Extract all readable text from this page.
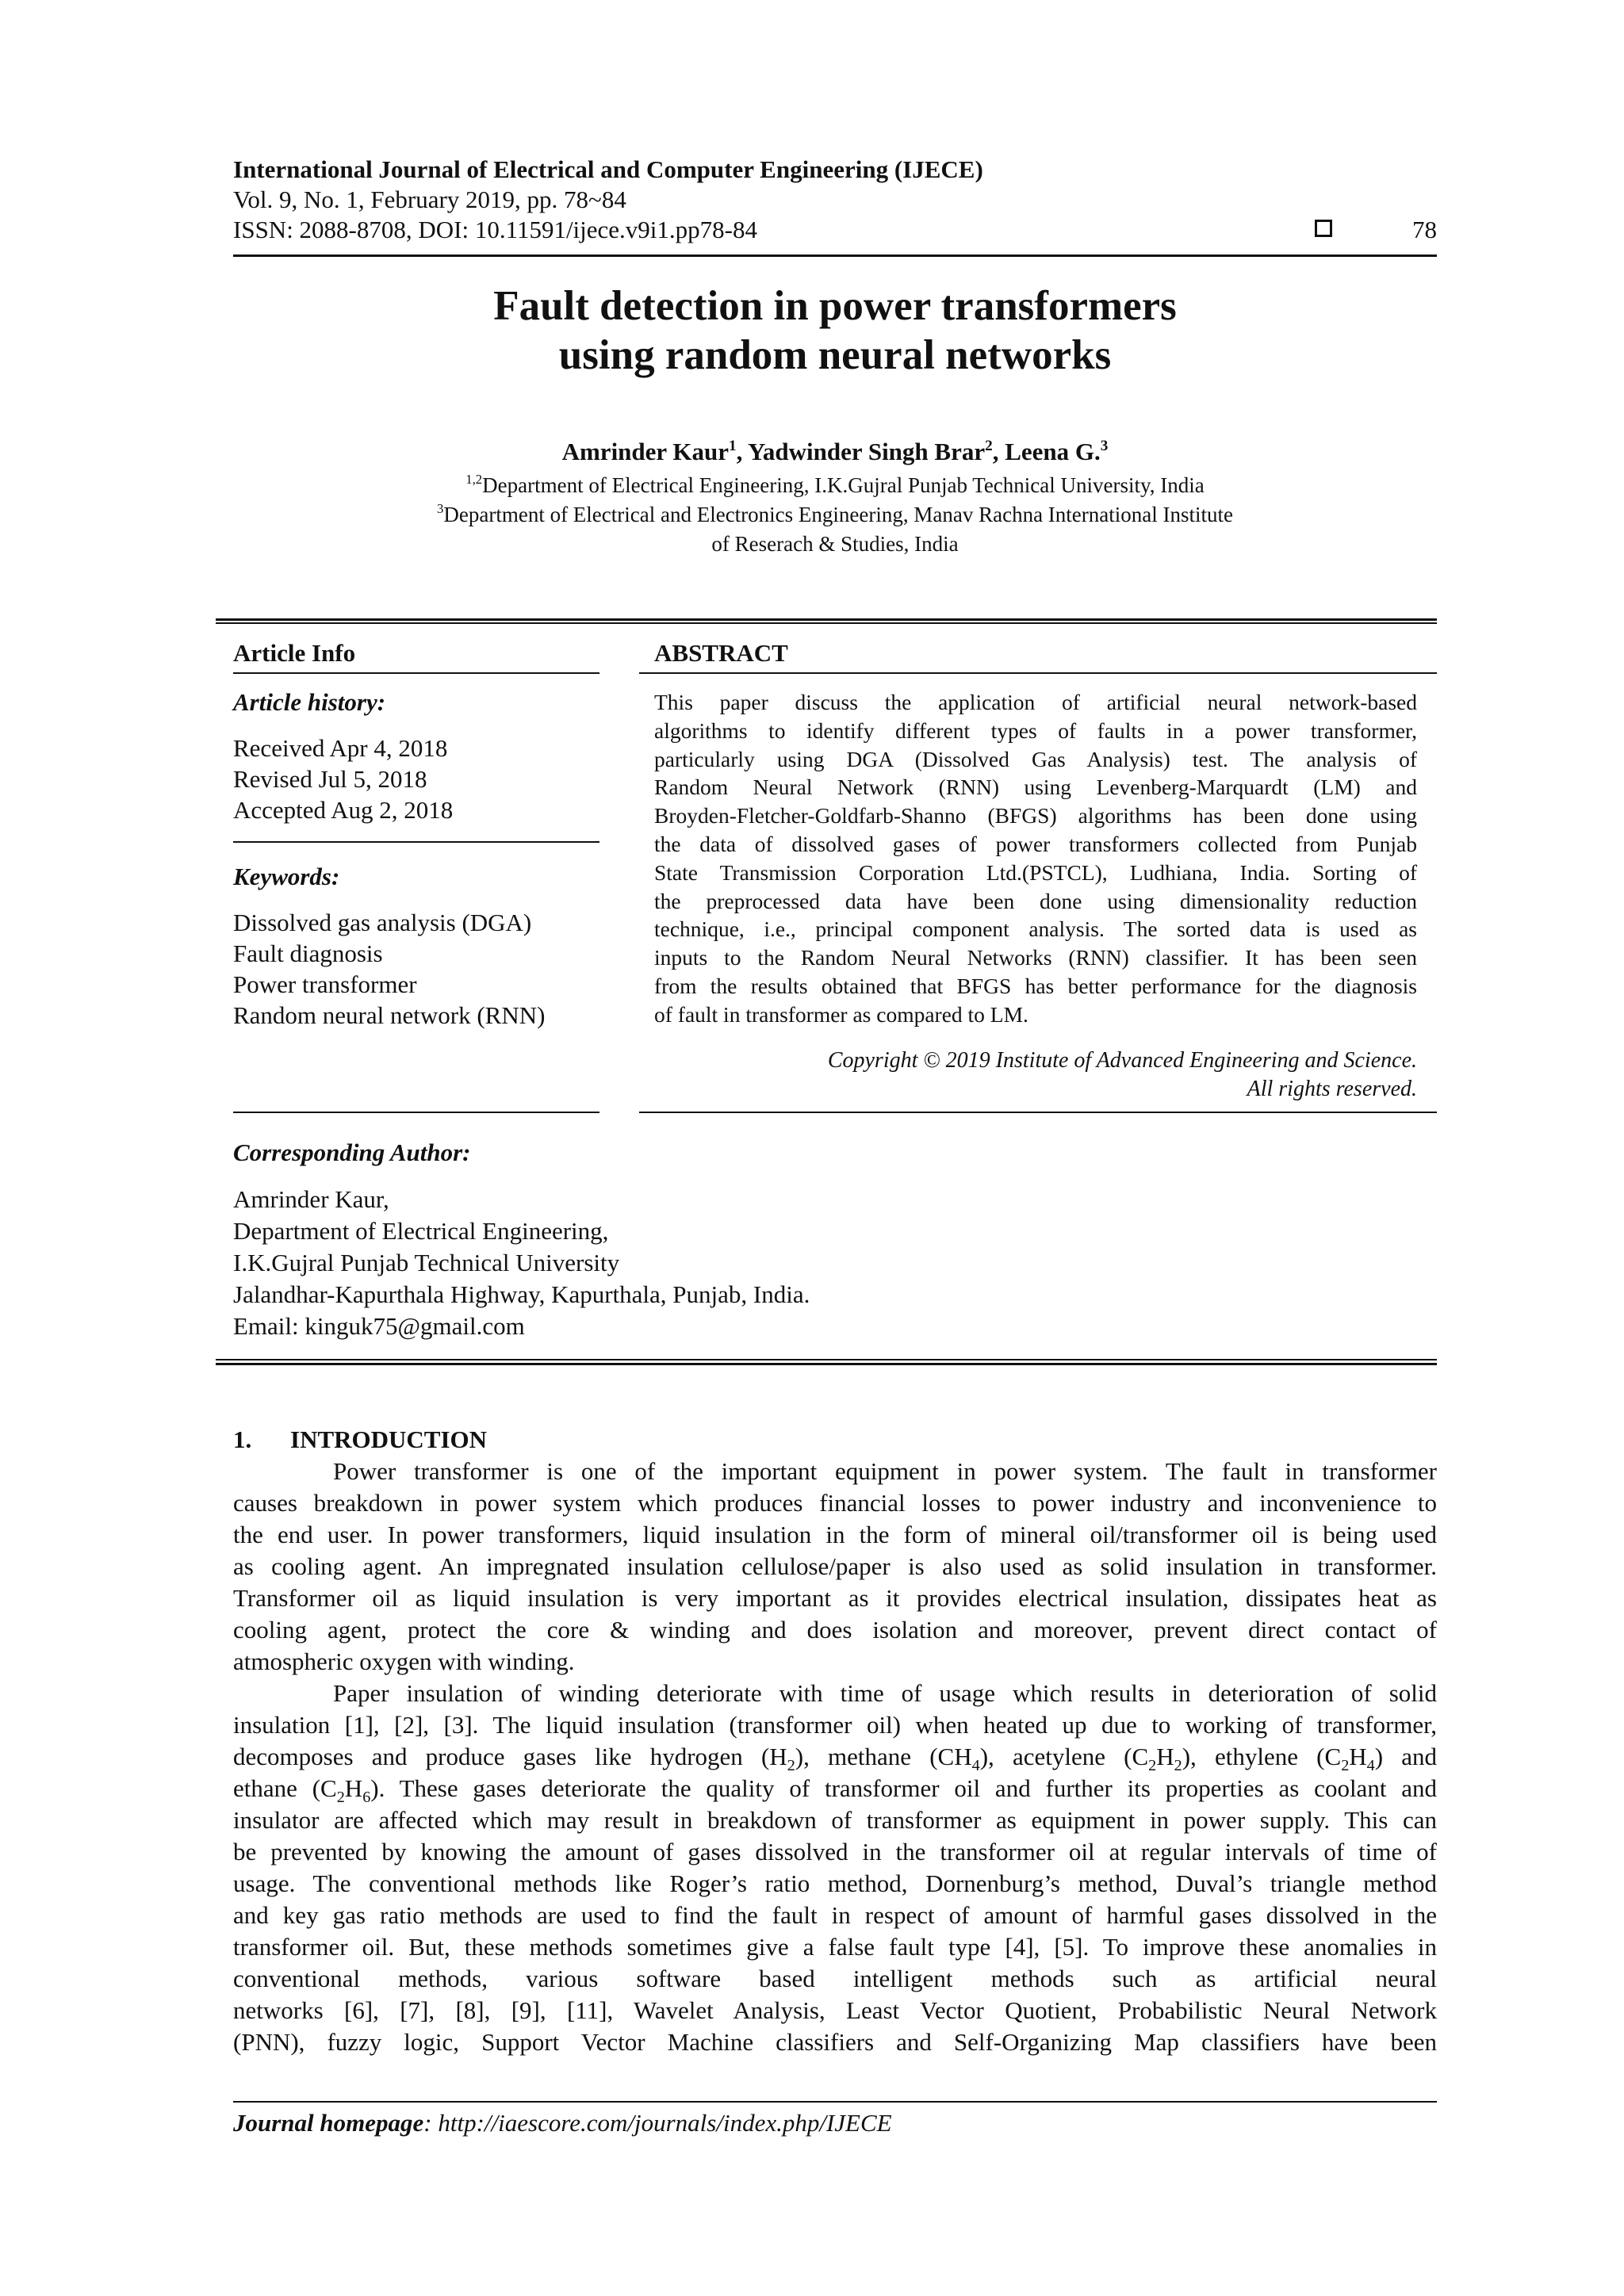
International Journal of Electrical and Computer Engineering (IJECE)
Vol. 9, No. 1, February 2019, pp. 78~84
ISSN: 2088-8708, DOI: 10.11591/ijece.v9i1.pp78-84	78
Fault detection in power transformers
using random neural networks
Amrinder Kaur$^1$, Yadwinder Singh Brar$^2$, Leena G.$^3$
$^{1,2}$Department of Electrical Engineering, I.K.Gujral Punjab Technical University, India
$^3$Department of Electrical and Electronics Engineering, Manav Rachna International Institute
of Reserach & Studies, India
Article Info
Article history:
Received Apr 4, 2018
Revised Jul 5, 2018
Accepted Aug 2, 2018
Keywords:
Dissolved gas analysis (DGA)
Fault diagnosis
Power transformer
Random neural network (RNN)
ABSTRACT
This paper discuss the application of artificial neural network-based
algorithms to identify different types of faults in a power transformer,
particularly using DGA (Dissolved Gas Analysis) test. The analysis of
Random Neural Network (RNN) using Levenberg-Marquardt (LM) and
Broyden-Fletcher-Goldfarb-Shanno (BFGS) algorithms has been done using
the data of dissolved gases of power transformers collected from Punjab
State Transmission Corporation Ltd.(PSTCL), Ludhiana, India. Sorting of
the preprocessed data have been done using dimensionality reduction
technique, i.e., principal component analysis. The sorted data is used as
inputs to the Random Neural Networks (RNN) classifier. It has been seen
from the results obtained that BFGS has better performance for the diagnosis
of fault in transformer as compared to LM.
Copyright © 2019 Institute of Advanced Engineering and Science.
All rights reserved.
Corresponding Author:
Amrinder Kaur,
Department of Electrical Engineering,
I.K.Gujral Punjab Technical University
Jalandhar-Kapurthala Highway, Kapurthala, Punjab, India.
Email: kinguk75@gmail.com
1. INTRODUCTION
Power transformer is one of the important equipment in power system. The fault in transformer
causes breakdown in power system which produces financial losses to power industry and inconvenience to
the end user. In power transformers, liquid insulation in the form of mineral oil/transformer oil is being used
as cooling agent. An impregnated insulation cellulose/paper is also used as solid insulation in transformer.
Transformer oil as liquid insulation is very important as it provides electrical insulation, dissipates heat as
cooling agent, protect the core & winding and does isolation and moreover, prevent direct contact of
atmospheric oxygen with winding.
Paper insulation of winding deteriorate with time of usage which results in deterioration of solid
insulation [1], [2], [3]. The liquid insulation (transformer oil) when heated up due to working of transformer,
decomposes and produce gases like hydrogen $(H_2)$, methane $(CH_4)$, acetylene $(C_2H_2)$, ethylene $(C_2H_4)$ and
ethane $(C_2H_6)$. These gases deteriorate the quality of transformer oil and further its properties as coolant and
insulator are affected which may result in breakdown of transformer as equipment in power supply. This can
be prevented by knowing the amount of gases dissolved in the transformer oil at regular intervals of time of
usage. The conventional methods like Roger’s ratio method, Dornenburg’s method, Duval’s triangle method
and key gas ratio methods are used to find the fault in respect of amount of harmful gases dissolved in the
transformer oil. But, these methods sometimes give a false fault type [4], [5]. To improve these anomalies in
conventional methods, various software based intelligent methods such as artificial neural
networks [6], [7], [8], [9], [11], Wavelet Analysis, Least Vector Quotient, Probabilistic Neural Network
(PNN), fuzzy logic, Support Vector Machine classifiers and Self-Organizing Map classifiers have been
Journal homepage: http://iaescore.com/journals/index.php/IJECE
